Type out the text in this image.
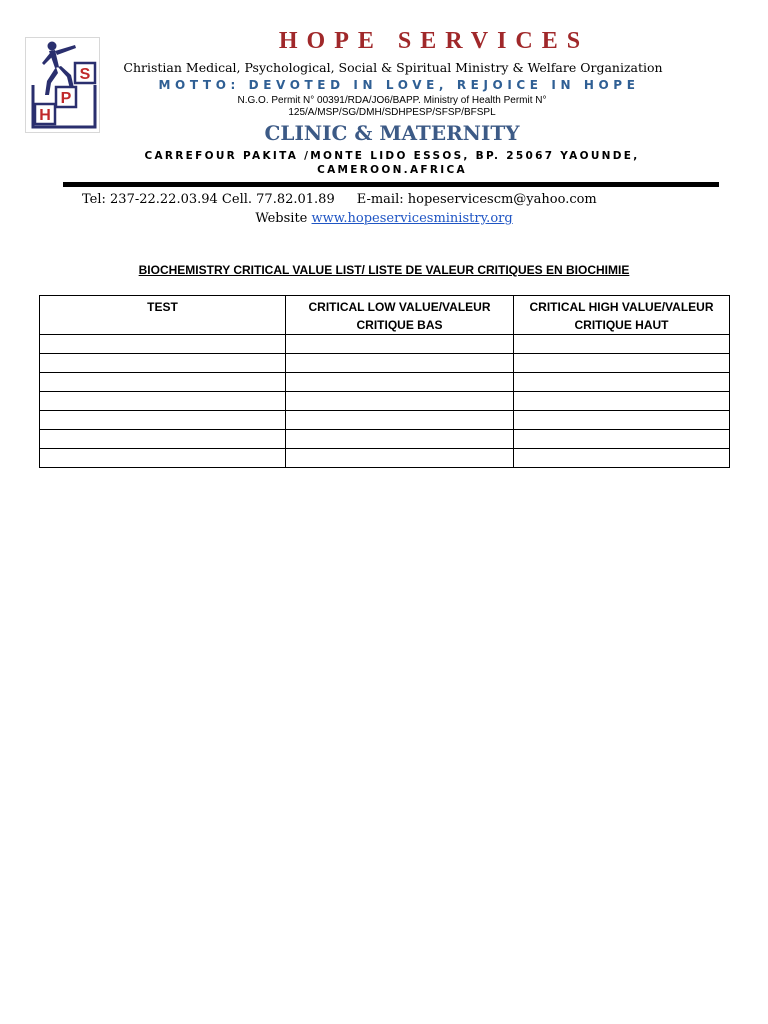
S
P
H
HOPE SERVICES

Christian Medical, Psychological, Social & Spiritual Ministry & Welfare Organization

MOTTO: DEVOTED IN LOVE, REJOICE IN HOPE

N.G.O. Permit N° 00391/RDA/JO6/BAPP. Ministry of Health Permit N°
125/A/MSP/SG/DMH/SDHPESP/SFSP/BFSPL

CLINIC & MATERNITY

CARREFOUR PAKITA /MONTE LIDO ESSOS, BP. 25067 YAOUNDE,
CAMEROON.AFRICA

Tel: 237-22.22.03.94 Cell. 77.82.01.89 E-mail: hopeservicescm@yahoo.com

Website www.hopeservicesministry.org

BIOCHEMISTRY CRITICAL VALUE LIST/ LISTE DE VALEUR CRITIQUES EN BIOCHIMIE

TEST	CRITICAL LOW VALUE/VALEUR CRITIQUE BAS	CRITICAL HIGH VALUE/VALEUR CRITIQUE HAUT
